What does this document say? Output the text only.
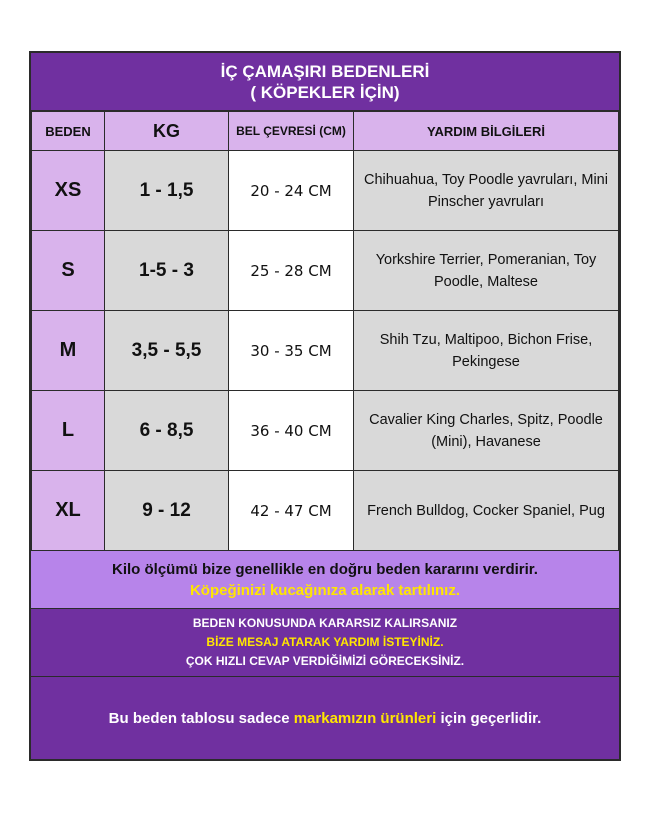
İÇ ÇAMAŞIRI BEDENLERİ
( KÖPEKLER İÇİN)
BEDEN	KG	BEL ÇEVRESİ (CM)	YARDIM BİLGİLERİ
XS	1 - 1,5	20 - 24 CM	Chihuahua, Toy Poodle yavruları, Mini Pinscher yavruları
S	1-5 - 3	25 - 28 CM	Yorkshire Terrier, Pomeranian, Toy Poodle, Maltese
M	3,5 - 5,5	30 - 35 CM	Shih Tzu, Maltipoo, Bichon Frise, Pekingese
L	6 - 8,5	36 - 40 CM	Cavalier King Charles, Spitz, Poodle (Mini), Havanese
XL	9 - 12	42 - 47 CM	French Bulldog, Cocker Spaniel, Pug
Kilo ölçümü bize genellikle en doğru beden kararını verdirir.
Köpeğinizi kucağınıza alarak tartılınız.
BEDEN KONUSUNDA KARARSIZ KALIRSANIZ
BİZE MESAJ ATARAK YARDIM İSTEYİNİZ.
ÇOK HIZLI CEVAP VERDİĞİMİZİ GÖRECEKSİNİZ.
Bu beden tablosu sadece markamızın ürünleri için geçerlidir.
